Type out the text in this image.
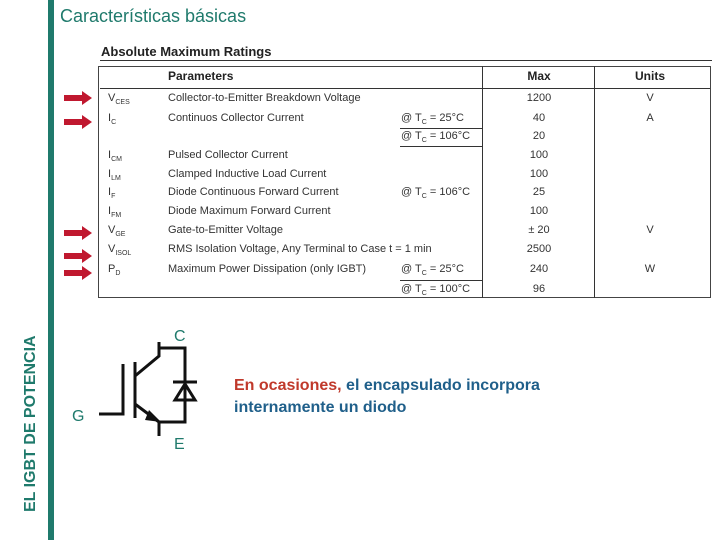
EL IGBT DE POTENCIA
Características básicas
Absolute Maximum Ratings
Parameters	Max	Units
$V_{CES}$	Collector-to-Emitter Breakdown Voltage	1200	V
$I_C$	Continuos Collector Current	@ $T_C = 25^\circ C$	40	A
@ $T_C = 106^\circ C$	20
$I_{CM}$	Pulsed Collector Current	100
$I_{LM}$	Clamped Inductive Load Current	100
$I_F$	Diode Continuous Forward Current	@ $T_C = 106^\circ C$	25
$I_{FM}$	Diode Maximum Forward Current	100
$V_{GE}$	Gate-to-Emitter Voltage	± 20	V
$V_{ISOL}$	RMS Isolation Voltage, Any Terminal to Case t = 1 min	2500
$P_D$	Maximum Power Dissipation (only IGBT)	@ $T_C = 25^\circ C$	240	W
@ $T_C = 100^\circ C$	96
C
G
E
En ocasiones, el encapsulado incorpora
internamente un diodo
